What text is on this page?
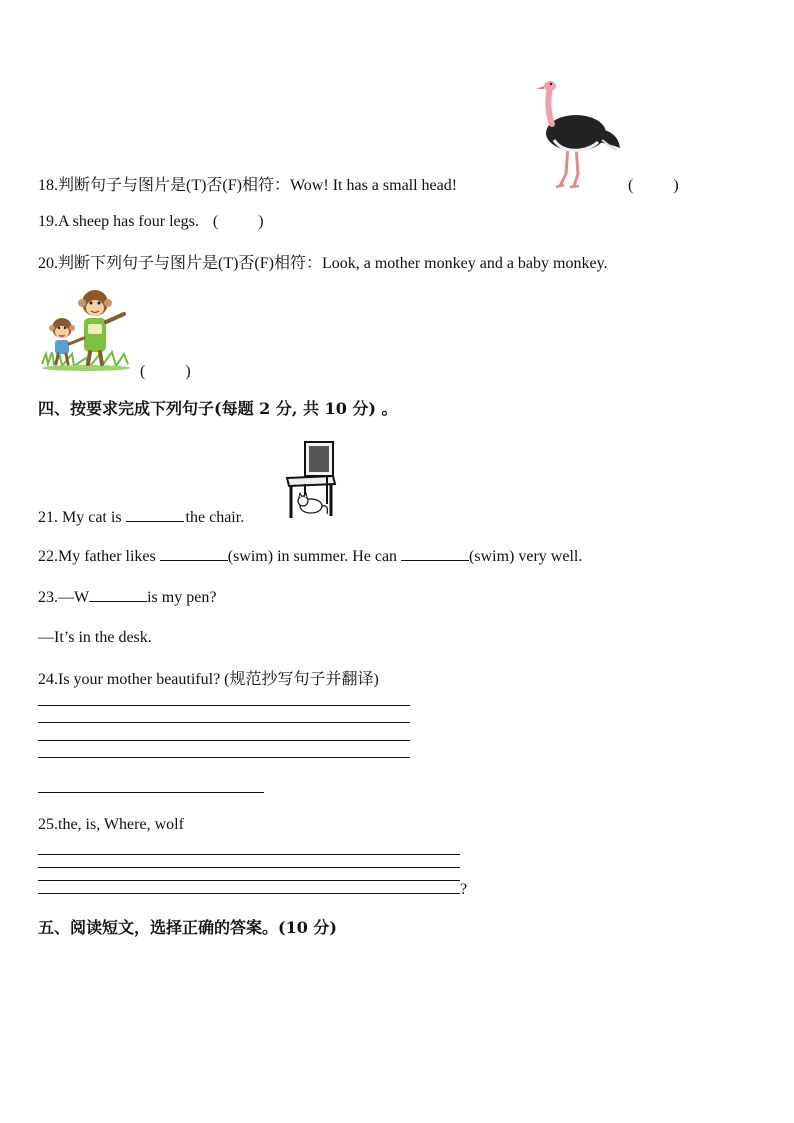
18.判断句子与图片是(T)否(F)相符：Wow! It has a small head!	(          )
19.A sheep has four legs. (          )
20.判断下列句子与图片是(T)否(F)相符：Look, a mother monkey and a baby monkey.
(          )
四、按要求完成下列句子(每题 2 分, 共 10 分) 。
21. My cat is	the chair.
22.My father likes	(swim) in summer. He can	(swim) very well.
23.—W	is my pen?
—It’s in the desk.
24.Is your mother beautiful? (规范抄写句子并翻译)
25.the, is, Where, wolf
?
五、阅读短文，选择正确的答案。(10 分)
